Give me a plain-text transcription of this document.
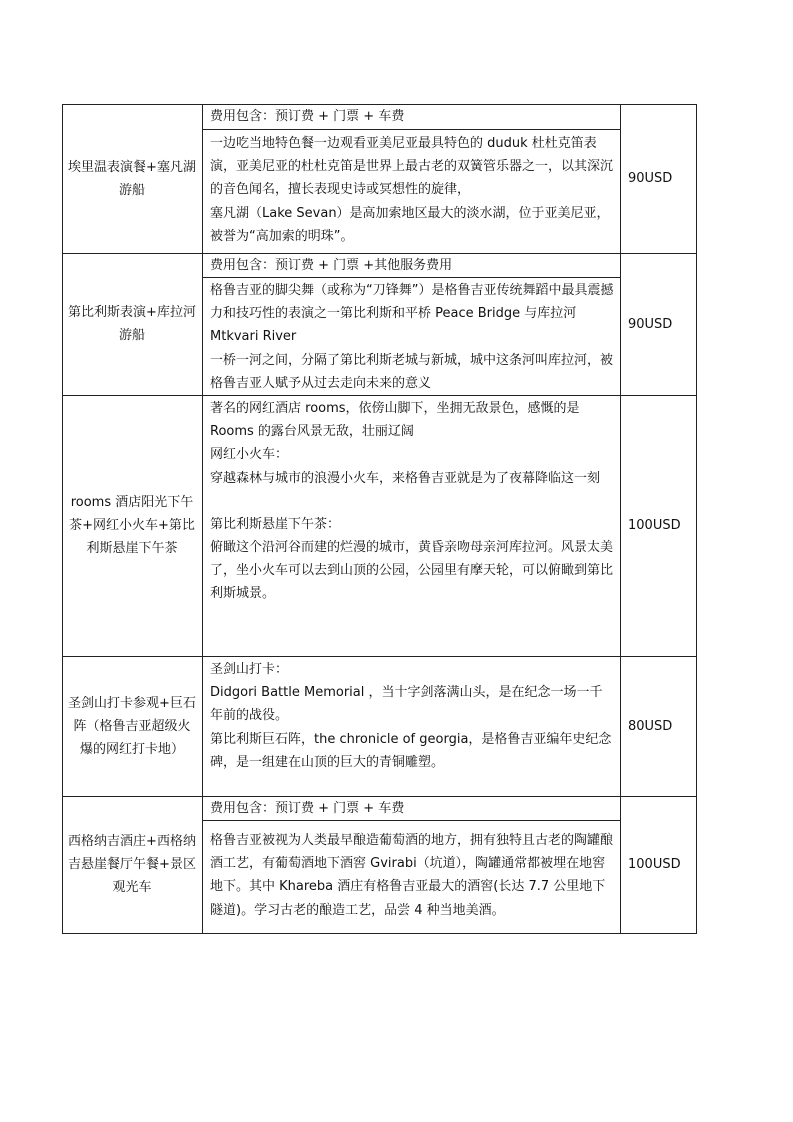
埃里温表演餐+塞凡湖游船
费用包含：预订费 + 门票 + 车费
一边吃当地特色餐一边观看亚美尼亚最具特色的 duduk 杜杜克笛表演，亚美尼亚的杜杜克笛是世界上最古老的双簧管乐器之一，以其深沉的音色闻名，擅长表现史诗或冥想性的旋律，
塞凡湖（Lake Sevan）是高加索地区最大的淡水湖，位于亚美尼亚，被誉为“高加索的明珠”。
90USD
第比利斯表演+库拉河游船
费用包含：预订费 + 门票 +其他服务费用
格鲁吉亚的脚尖舞（或称为“刀锋舞”）是格鲁吉亚传统舞蹈中最具震撼力和技巧性的表演之一第比利斯和平桥 Peace Bridge 与库拉河 Mtkvari River
一桥一河之间，分隔了第比利斯老城与新城，城中这条河叫库拉河，被格鲁吉亚人赋予从过去走向未来的意义
90USD
rooms 酒店阳光下午茶+网红小火车+第比利斯悬崖下午茶
著名的网红酒店 rooms，依傍山脚下，坐拥无敌景色，感慨的是 Rooms 的露台风景无敌，壮丽辽阔
网红小火车：
穿越森林与城市的浪漫小火车，来格鲁吉亚就是为了夜幕降临这一刻
第比利斯悬崖下午茶：
俯瞰这个沿河谷而建的烂漫的城市，黄昏亲吻母亲河库拉河。风景太美了，坐小火车可以去到山顶的公园，公园里有摩天轮，可以俯瞰到第比利斯城景。
100USD
圣剑山打卡参观+巨石阵（格鲁吉亚超级火爆的网红打卡地）
圣剑山打卡：
Didgori Battle Memorial ，当十字剑落满山头，是在纪念一场一千年前的战役。
第比利斯巨石阵，the chronicle of georgia，是格鲁吉亚编年史纪念碑，是一组建在山顶的巨大的青铜雕塑。
80USD
西格纳吉酒庄+西格纳吉悬崖餐厅午餐+景区观光车
费用包含：预订费 + 门票 + 车费
格鲁吉亚被视为人类最早酿造葡萄酒的地方，拥有独特且古老的陶罐酿酒工艺，有葡萄酒地下酒窖 Gvirabi（坑道），陶罐通常都被埋在地窖地下。其中 Khareba 酒庄有格鲁吉亚最大的酒窖(长达 7.7 公里地下隧道)。学习古老的酿造工艺，品尝 4 种当地美酒。
100USD
